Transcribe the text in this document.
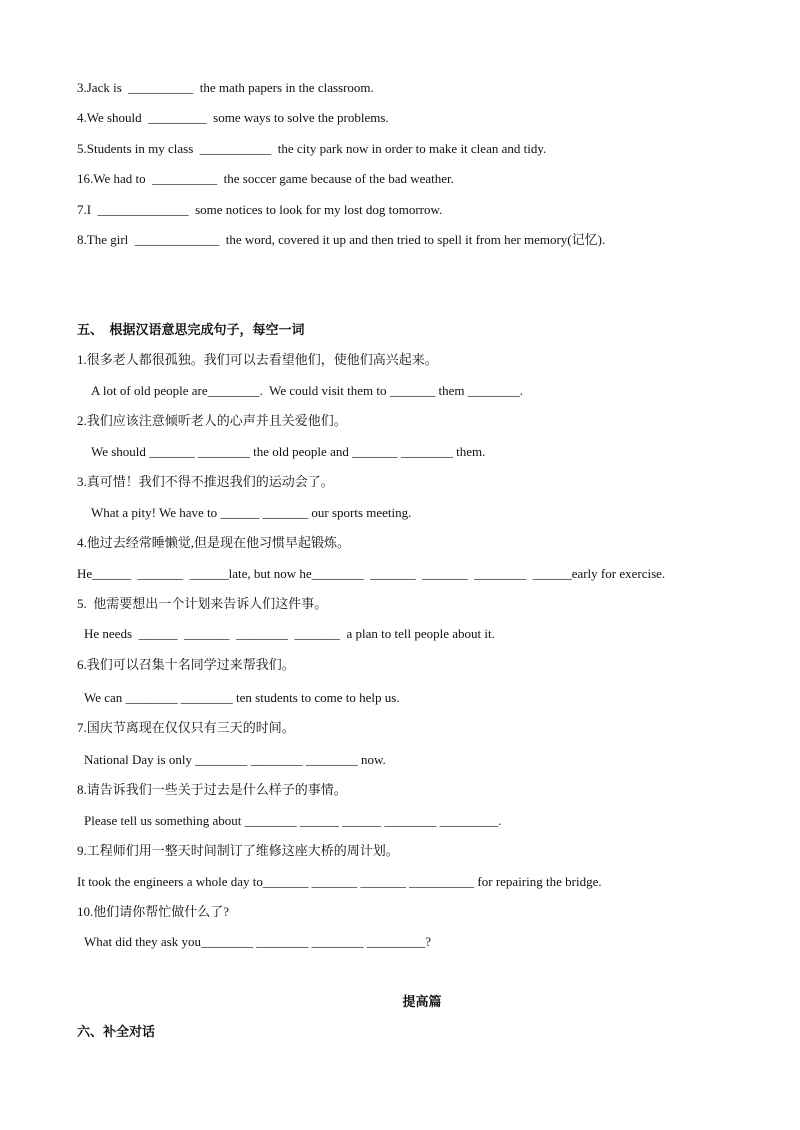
3.Jack is  __________  the math papers in the classroom.
4.We should  _________  some ways to solve the problems.
5.Students in my class  ___________  the city park now in order to make it clean and tidy.
16.We had to  __________  the soccer game because of the bad weather.
7.I  ______________  some notices to look for my lost dog tomorrow.
8.The girl  _____________  the word, covered it up and then tried to spell it from her memory(记忆).
五、  根据汉语意思完成句子，每空一词
1.很多老人都很孤独。我们可以去看望他们，使他们高兴起来。
A lot of old people are________.  We could visit them to _______ them ________.
2.我们应该注意倾听老人的心声并且关爱他们。
We should _______ ________ the old people and _______ ________ them.
3.真可惜！我们不得不推迟我们的运动会了。
What a pity! We have to ______ _______ our sports meeting.
4.他过去经常睡懒觉,但是现在他习惯早起锻炼。
He______  _______  ______late, but now he________  _______  _______  ________  ______early for exercise.
5.  他需要想出一个计划来告诉人们这件事。
He needs  ______  _______  ________  _______  a plan to tell people about it.
6.我们可以召集十名同学过来帮我们。
We can ________ ________ ten students to come to help us.
7.国庆节离现在仅仅只有三天的时间。
National Day is only ________ ________ ________ now.
8.请告诉我们一些关于过去是什么样子的事情。
Please tell us something about ________ ______ ______ ________ _________.
9.工程师们用一整天时间制订了维修这座大桥的周计划。
It took the engineers a whole day to_______ _______ _______ __________ for repairing the bridge.
10.他们请你帮忙做什么了?
What did they ask you________ ________ ________ _________?
提高篇
六、补全对话
